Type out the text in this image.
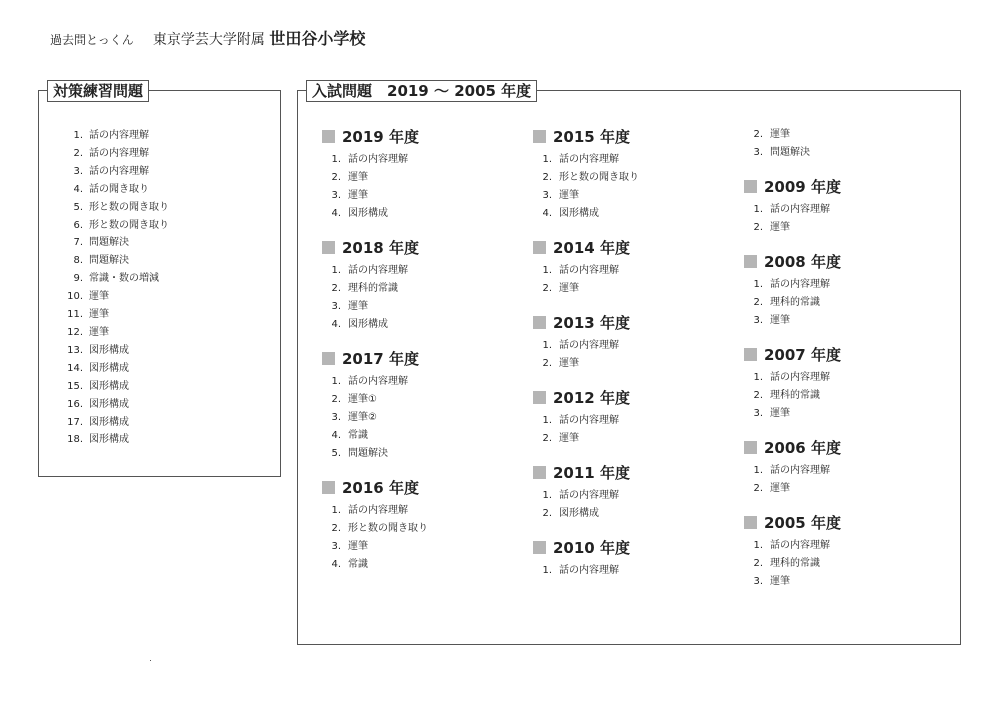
過去問とっくん 東京学芸大学附属 世田谷小学校
対策練習問題
1. 話の内容理解
2. 話の内容理解
3. 話の内容理解
4. 話の聞き取り
5. 形と数の聞き取り
6. 形と数の聞き取り
7. 問題解決
8. 問題解決
9. 常識・数の増減
10. 運筆
11. 運筆
12. 運筆
13. 図形構成
14. 図形構成
15. 図形構成
16. 図形構成
17. 図形構成
18. 図形構成
入試問題　2019 ～ 2005 年度
2019 年度
1. 話の内容理解
2. 運筆
3. 運筆
4. 図形構成
2018 年度
1. 話の内容理解
2. 理科的常識
3. 運筆
4. 図形構成
2017 年度
1. 話の内容理解
2. 運筆①
3. 運筆②
4. 常識
5. 問題解決
2016 年度
1. 話の内容理解
2. 形と数の聞き取り
3. 運筆
4. 常識
2015 年度
1. 話の内容理解
2. 形と数の聞き取り
3. 運筆
4. 図形構成
2014 年度
1. 話の内容理解
2. 運筆
2013 年度
1. 話の内容理解
2. 運筆
2012 年度
1. 話の内容理解
2. 運筆
2011 年度
1. 話の内容理解
2. 図形構成
2010 年度
1. 話の内容理解
2. 運筆
3. 問題解決
2009 年度
1. 話の内容理解
2. 運筆
2008 年度
1. 話の内容理解
2. 理科的常識
3. 運筆
2007 年度
1. 話の内容理解
2. 理科的常識
3. 運筆
2006 年度
1. 話の内容理解
2. 運筆
2005 年度
1. 話の内容理解
2. 理科的常識
3. 運筆
